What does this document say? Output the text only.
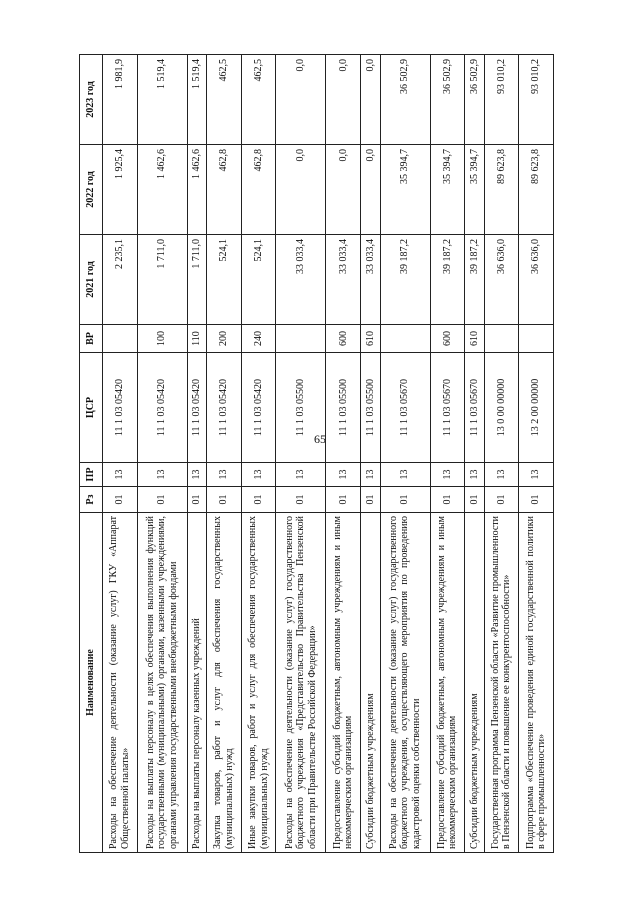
65
Наименование	Рз	ПР	ЦСР	ВР	2021 год	2022 год	2023 год
Расходы на обеспечение деятельности (оказание услуг) ГКУ «Аппарат Общественной палаты»	01	13	11 1 03 05420		2 235,1	1 925,4	1 981,9
Расходы на выплаты персоналу в целях обеспечения выполнения функций государственными (муниципальными) органами, казенными учреждениями, органами управления государственными внебюджетными фондами	01	13	11 1 03 05420	100	1 711,0	1 462,6	1 519,4
Расходы на выплаты персоналу казенных учреждений	01	13	11 1 03 05420	110	1 711,0	1 462,6	1 519,4
Закупка товаров, работ и услуг для обеспечения государственных (муниципальных) нужд	01	13	11 1 03 05420	200	524,1	462,8	462,5
Иные закупки товаров, работ и услуг для обеспечения государственных (муниципальных) нужд	01	13	11 1 03 05420	240	524,1	462,8	462,5
Расходы на обеспечение деятельности (оказание услуг) государственного бюджетного учреждения «Представительство Правительства Пензенской области при Правительстве Российской Федерации»	01	13	11 1 03 05500		33 033,4	0,0	0,0
Предоставление субсидий бюджетным, автономным учреждениям и иным некоммерческим организациям	01	13	11 1 03 05500	600	33 033,4	0,0	0,0
Субсидии бюджетным учреждениям	01	13	11 1 03 05500	610	33 033,4	0,0	0,0
Расходы на обеспечение деятельности (оказание услуг) государственного бюджетного учреждения, осуществляющего мероприятия по проведению кадастровой оценки собственности	01	13	11 1 03 05670		39 187,2	35 394,7	36 502,9
Предоставление субсидий бюджетным, автономным учреждениям и иным некоммерческим организациям	01	13	11 1 03 05670	600	39 187,2	35 394,7	36 502,9
Субсидии бюджетным учреждениям	01	13	11 1 03 05670	610	39 187,2	35 394,7	36 502,9
Государственная программа Пензенской области «Развитие промышленности в Пензенской области и повышение ее конкурентоспособности»	01	13	13 0 00 00000		36 636,0	89 623,8	93 010,2
Подпрограмма «Обеспечение проведения единой государственной политики в сфере промышленности»	01	13	13 2 00 00000		36 636,0	89 623,8	93 010,2
